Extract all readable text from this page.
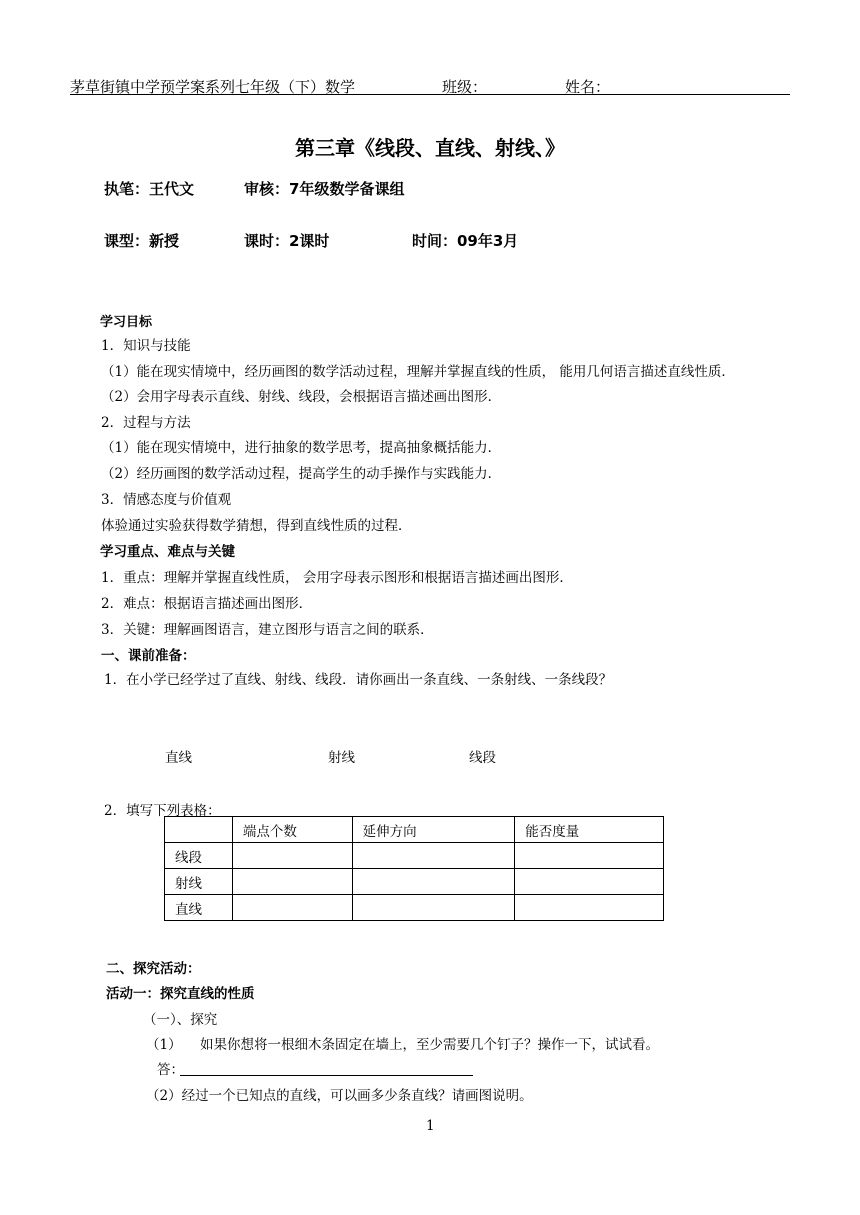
茅草街镇中学预学案系列七年级（下）数学	班级：	姓名：
第三章《线段、直线、射线、》
执笔：王代文	审核：7年级数学备课组
课型：新授	课时：2课时	时间：09年3月
学习目标
1．知识与技能
（1）能在现实情境中，经历画图的数学活动过程，理解并掌握直线的性质， 能用几何语言描述直线性质．
（2）会用字母表示直线、射线、线段，会根据语言描述画出图形．
2．过程与方法
（1）能在现实情境中，进行抽象的数学思考，提高抽象概括能力．
（2）经历画图的数学活动过程，提高学生的动手操作与实践能力．
3．情感态度与价值观
体验通过实验获得数学猜想，得到直线性质的过程．
学习重点、难点与关键
1．重点：理解并掌握直线性质， 会用字母表示图形和根据语言描述画出图形．
2．难点：根据语言描述画出图形．
3．关键：理解画图语言，建立图形与语言之间的联系．
一、课前准备：
1．在小学已经学过了直线、射线、线段．请你画出一条直线、一条射线、一条线段？
直线	射线	线段
2．填写下列表格：
	端点个数	延伸方向	能否度量
线段			
射线			
直线			
二、探究活动：
活动一：探究直线的性质
（一）、探究
（1） 如果你想将一根细木条固定在墙上，至少需要几个钉子？操作一下，试试看。
答：
（2）经过一个已知点的直线，可以画多少条直线？请画图说明。
1
